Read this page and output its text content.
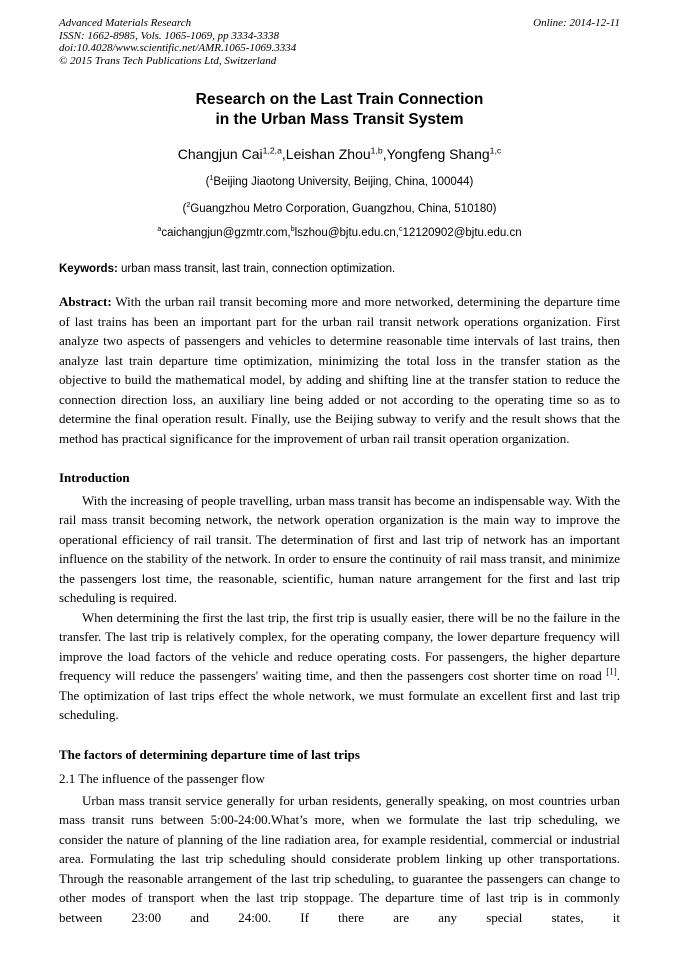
Advanced Materials Research
ISSN: 1662-8985, Vols. 1065-1069, pp 3334-3338
doi:10.4028/www.scientific.net/AMR.1065-1069.3334
© 2015 Trans Tech Publications Ltd, Switzerland
Online: 2014-12-11
Research on the Last Train Connection
in the Urban Mass Transit System
Changjun Cai$^{1,2,a}$,Leishan Zhou$^{1,b}$,Yongfeng Shang$^{1,c}$
($^1$Beijing Jiaotong University, Beijing, China, 100044)
($^2$Guangzhou Metro Corporation, Guangzhou, China, 510180)
$^a$caichangjun@gzmtr.com,$^b$lszhou@bjtu.edu.cn,$^c$12120902@bjtu.edu.cn
Keywords: urban mass transit, last train, connection optimization.

Abstract: With the urban rail transit becoming more and more networked, determining the departure time of last trains has been an important part for the urban rail transit network operations organization. First analyze two aspects of passengers and vehicles to determine reasonable time intervals of last trains, then analyze last train departure time optimization, minimizing the total loss in the transfer station as the objective to build the mathematical model, by adding and shifting line at the transfer station to reduce the connection direction loss, an auxiliary line being added or not according to the operating time so as to determine the final operation result. Finally, use the Beijing subway to verify and the result shows that the method has practical significance for the improvement of urban rail transit operation organization.

Introduction

With the increasing of people travelling, urban mass transit has become an indispensable way. With the rail mass transit becoming network, the network operation organization is the main way to improve the operational efficiency of rail transit. The determination of first and last trip of network has an important influence on the stability of the network. In order to ensure the continuity of rail mass transit, and minimize the passengers lost time, the reasonable, scientific, human nature arrangement for the first and last trip scheduling is required.

When determining the first the last trip, the first trip is usually easier, there will be no the failure in the transfer. The last trip is relatively complex, for the operating company, the lower departure frequency will improve the load factors of the vehicle and reduce operating costs. For passengers, the higher departure frequency will reduce the passengers' waiting time, and then the passengers cost shorter time on road [1]. The optimization of last trips effect the whole network, we must formulate an excellent first and last trip scheduling.

The factors of determining departure time of last trips

2.1 The influence of the passenger flow

Urban mass transit service generally for urban residents, generally speaking, on most countries urban mass transit runs between 5:00-24:00.What’s more, when we formulate the last trip scheduling, we consider the nature of planning of the line radiation area, for example residential, commercial or industrial area. Formulating the last trip scheduling should considerate problem linking up other transportations. Through the reasonable arrangement of the last trip scheduling, to guarantee the passengers can change to other modes of transport when the last trip stoppage. The departure time of last trip is in commonly between 23:00 and 24:00. If there are any special states, it
